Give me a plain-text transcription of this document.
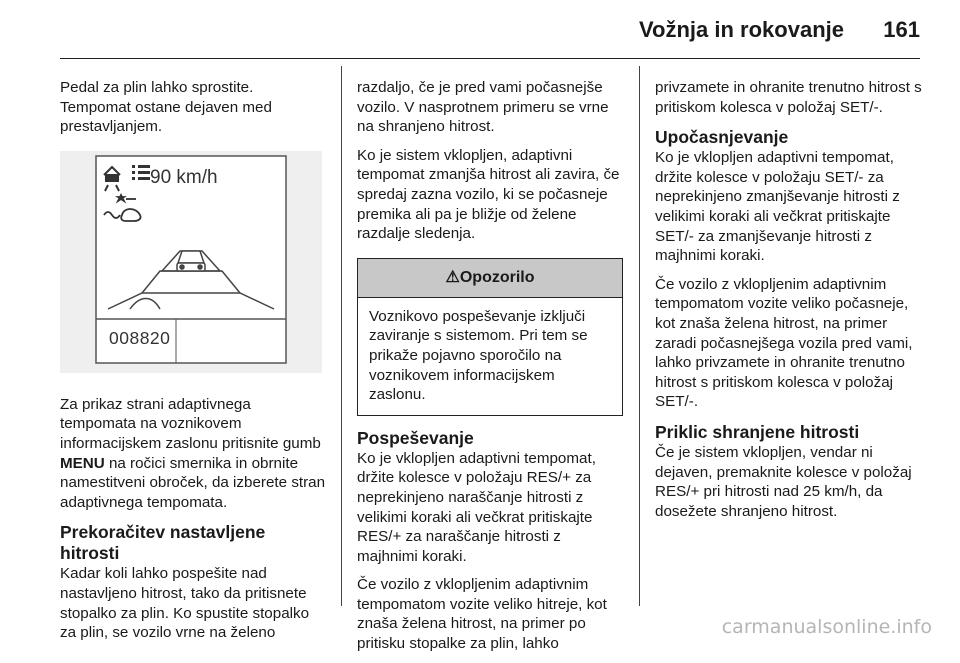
Vožnja in rokovanje 161

Pedal za plin lahko sprostite. Tempomat ostane dejaven med prestavljanjem.

90 km/h
008820

Za prikaz strani adaptivnega tempomata na voznikovem informacijskem zaslonu pritisnite gumb MENU na ročici smernika in obrnite namestitveni obroček, da izberete stran adaptivnega tempomata.

Prekoračitev nastavljene hitrosti

Kadar koli lahko pospešite nad nastavljeno hitrost, tako da pritisnete stopalko za plin. Ko spustite stopalko za plin, se vozilo vrne na želeno

razdaljo, če je pred vami počasnejše vozilo. V nasprotnem primeru se vrne na shranjeno hitrost.

Ko je sistem vklopljen, adaptivni tempomat zmanjša hitrost ali zavira, če spredaj zazna vozilo, ki se počasneje premika ali pa je bližje od želene razdalje sledenja.

⚠Opozorilo
Voznikovo pospeševanje izključi zaviranje s sistemom. Pri tem se prikaže pojavno sporočilo na voznikovem informacijskem zaslonu.
Pospeševanje

Ko je vklopljen adaptivni tempomat, držite kolesce v položaju RES/+ za neprekinjeno naraščanje hitrosti z velikimi koraki ali večkrat pritiskajte RES/+ za naraščanje hitrosti z majhnimi koraki.

Če vozilo z vklopljenim adaptivnim tempomatom vozite veliko hitreje, kot znaša želena hitrost, na primer po pritisku stopalke za plin, lahko

privzamete in ohranite trenutno hitrost s pritiskom kolesca v položaj SET/-.

Upočasnjevanje

Ko je vklopljen adaptivni tempomat, držite kolesce v položaju SET/- za neprekinjeno zmanjševanje hitrosti z velikimi koraki ali večkrat pritiskajte SET/- za zmanjševanje hitrosti z majhnimi koraki.

Če vozilo z vklopljenim adaptivnim tempomatom vozite veliko počasneje, kot znaša želena hitrost, na primer zaradi počasnejšega vozila pred vami, lahko privzamete in ohranite trenutno hitrost s pritiskom kolesca v položaj SET/-.

Priklic shranjene hitrosti

Če je sistem vklopljen, vendar ni dejaven, premaknite kolesce v položaj RES/+ pri hitrosti nad 25 km/h, da dosežete shranjeno hitrost.

carmanualsonline.info
